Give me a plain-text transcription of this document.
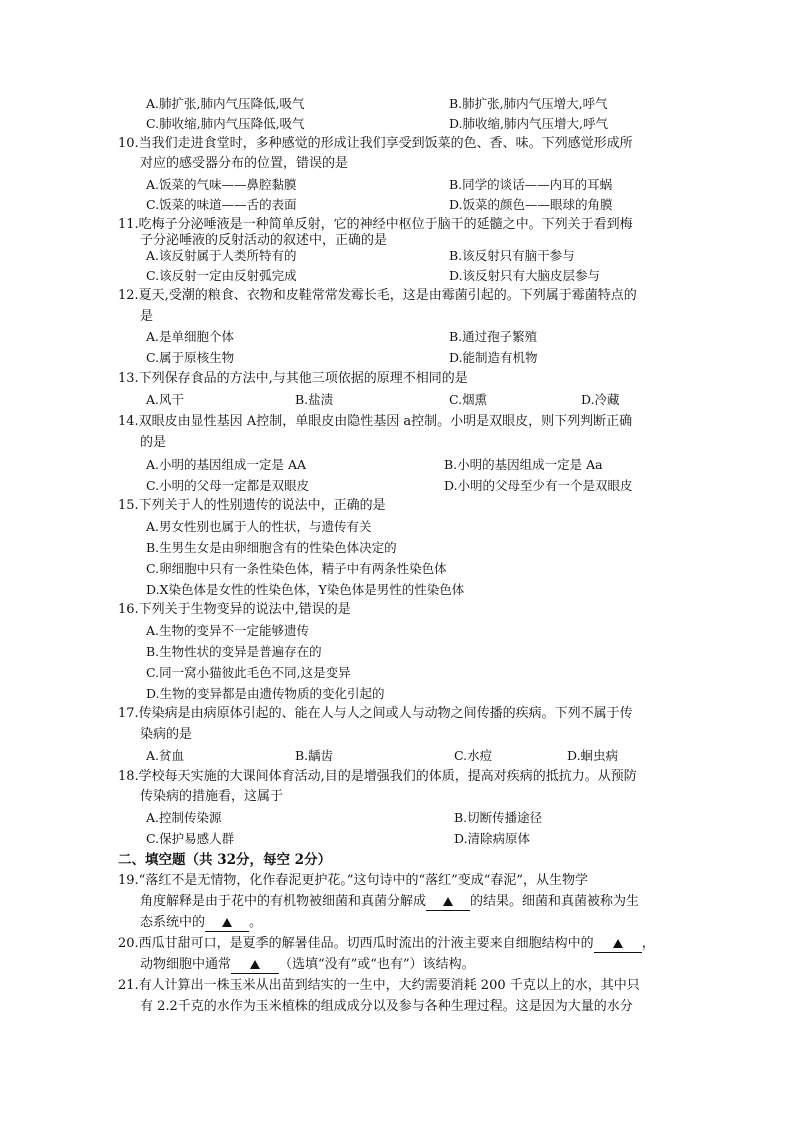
A.肺扩张,肺内气压降低,吸气	B.肺扩张,肺内气压增大,呼气
C.肺收缩,肺内气压降低,吸气	D.肺收缩,肺内气压增大,呼气
10.当我们走进食堂时，多种感觉的形成让我们享受到饭菜的色、香、味。下列感觉形成所
对应的感受器分布的位置，错误的是
A.饭菜的气味——鼻腔黏膜	B.同学的谈话——内耳的耳蜗
C.饭菜的味道——舌的表面	D.饭菜的颜色——眼球的角膜
11.吃梅子分泌唾液是一种简单反射，它的神经中枢位于脑干的延髓之中。下列关于看到梅
子分泌唾液的反射活动的叙述中，正确的是
A.该反射属于人类所特有的	B.该反射只有脑干参与
C.该反射一定由反射弧完成	D.该反射只有大脑皮层参与
12.夏天,受潮的粮食、衣物和皮鞋常常发霉长毛，这是由霉菌引起的。下列属于霉菌特点的
是
A.是单细胞个体	B.通过孢子繁殖
C.属于原核生物	D.能制造有机物
13.下列保存食品的方法中,与其他三项依据的原理不相同的是
A.风干	B.盐渍	C.烟熏	D.冷藏
14.双眼皮由显性基因 A控制，单眼皮由隐性基因 a控制。小明是双眼皮，则下列判断正确
的是
A.小明的基因组成一定是 AA	B.小明的基因组成一定是 Aa
C.小明的父母一定都是双眼皮	D.小明的父母至少有一个是双眼皮
15.下列关于人的性别遗传的说法中，正确的是
A.男女性别也属于人的性状，与遗传有关
B.生男生女是由卵细胞含有的性染色体决定的
C.卵细胞中只有一条性染色体，精子中有两条性染色体
D.X染色体是女性的性染色体，Y染色体是男性的性染色体
16.下列关于生物变异的说法中,错误的是
A.生物的变异不一定能够遗传
B.生物性状的变异是普遍存在的
C.同一窝小猫彼此毛色不同,这是变异
D.生物的变异都是由遗传物质的变化引起的
17.传染病是由病原体引起的、能在人与人之间或人与动物之间传播的疾病。下列不属于传
染病的是
A.贫血	B.龋齿	C.水痘	D.蛔虫病
18.学校每天实施的大课间体育活动,目的是增强我们的体质，提高对疾病的抵抗力。从预防
传染病的措施看，这属于
A.控制传染源	B.切断传播途径
C.保护易感人群	D.清除病原体
二、填空题（共 32分，每空 2分）
19.“落红不是无情物，化作春泥更护花。”这句诗中的“落红”变成“春泥”，从生物学
角度解释是由于花中的有机物被细菌和真菌分解成	的结果。细菌和真菌被称为生
态系统中的	。
20.西瓜甘甜可口，是夏季的解暑佳品。切西瓜时流出的汁液主要来自细胞结构中的	，
动物细胞中通常	（选填“没有”或“也有”）该结构。
21.有人计算出一株玉米从出苗到结实的一生中，大约需要消耗 200 千克以上的水，其中只
有 2.2千克的水作为玉米植株的组成成分以及参与各种生理过程。这是因为大量的水分
